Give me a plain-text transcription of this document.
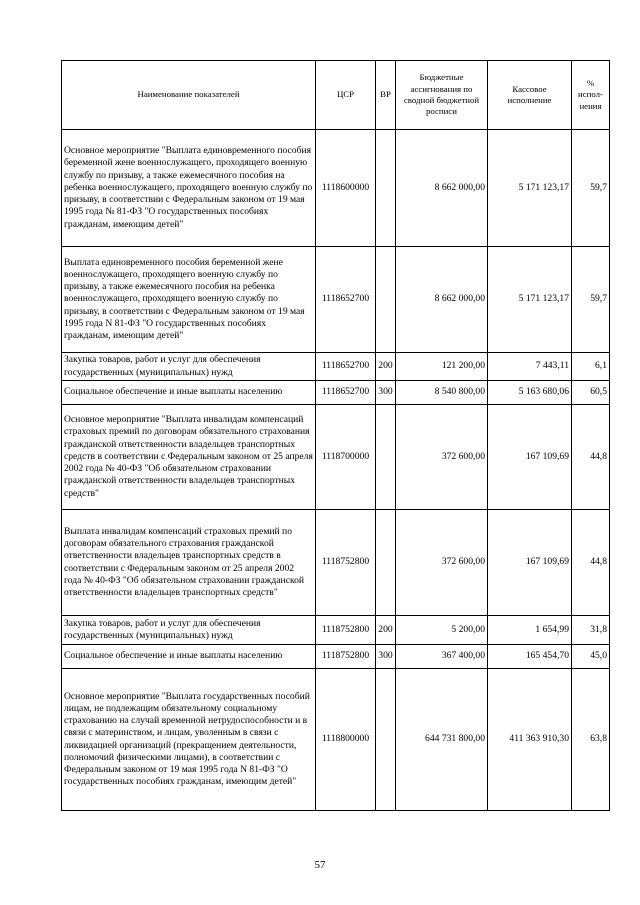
Наименование показателей	ЦСР	ВР	Бюджетные ассигнования по сводной бюджетной росписи	Кассовое исполнение	% испол-нения
Основное мероприятие "Выплата единовременного пособия беременной жене военнослужащего, проходящего военную службу по призыву, а также ежемесячного пособия на ребенка военнослужащего, проходящего военную службу по призыву, в соответствии с Федеральным законом от 19 мая 1995 года № 81-ФЗ "О государственных пособиях гражданам, имеющим детей"	1118600000		8 662 000,00	5 171 123,17	59,7
Выплата единовременного пособия беременной жене военнослужащего, проходящего военную службу по призыву, а также ежемесячного пособия на ребенка военнослужащего, проходящего военную службу по призыву, в соответствии с Федеральным законом от 19 мая 1995 года N 81-ФЗ "О государственных пособиях гражданам, имеющим детей"	1118652700		8 662 000,00	5 171 123,17	59,7
Закупка товаров, работ и услуг для обеспечения государственных (муниципальных) нужд	1118652700	200	121 200,00	7 443,11	6,1
Социальное обеспечение и иные выплаты населению	1118652700	300	8 540 800,00	5 163 680,06	60,5
Основное мероприятие "Выплата инвалидам компенсаций страховых премий по договорам обязательного страхования гражданской ответственности владельцев транспортных средств в соответствии с Федеральным законом от 25 апреля 2002 года № 40-ФЗ "Об обязательном страховании гражданской ответственности владельцев транспортных средств"	1118700000		372 600,00	167 109,69	44,8
Выплата инвалидам компенсаций страховых премий по договорам обязательного страхования гражданской ответственности владельцев транспортных средств в соответствии с Федеральным законом от 25 апреля 2002 года № 40-ФЗ "Об обязательном страховании гражданской ответственности владельцев транспортных средств"	1118752800		372 600,00	167 109,69	44,8
Закупка товаров, работ и услуг для обеспечения государственных (муниципальных) нужд	1118752800	200	5 200,00	1 654,99	31,8
Социальное обеспечение и иные выплаты населению	1118752800	300	367 400,00	165 454,70	45,0
Основное мероприятие "Выплата государственных пособий лицам, не подлежащим обязательному социальному страхованию на случай временной нетрудоспособности и в связи с материнством, и лицам, уволенным в связи с ликвидацией организаций (прекращением деятельности, полномочий физическими лицами), в соответствии с Федеральным законом от 19 мая 1995 года N 81-ФЗ "О государственных пособиях гражданам, имеющим детей"	1118800000		644 731 800,00	411 363 910,30	63,8
57
